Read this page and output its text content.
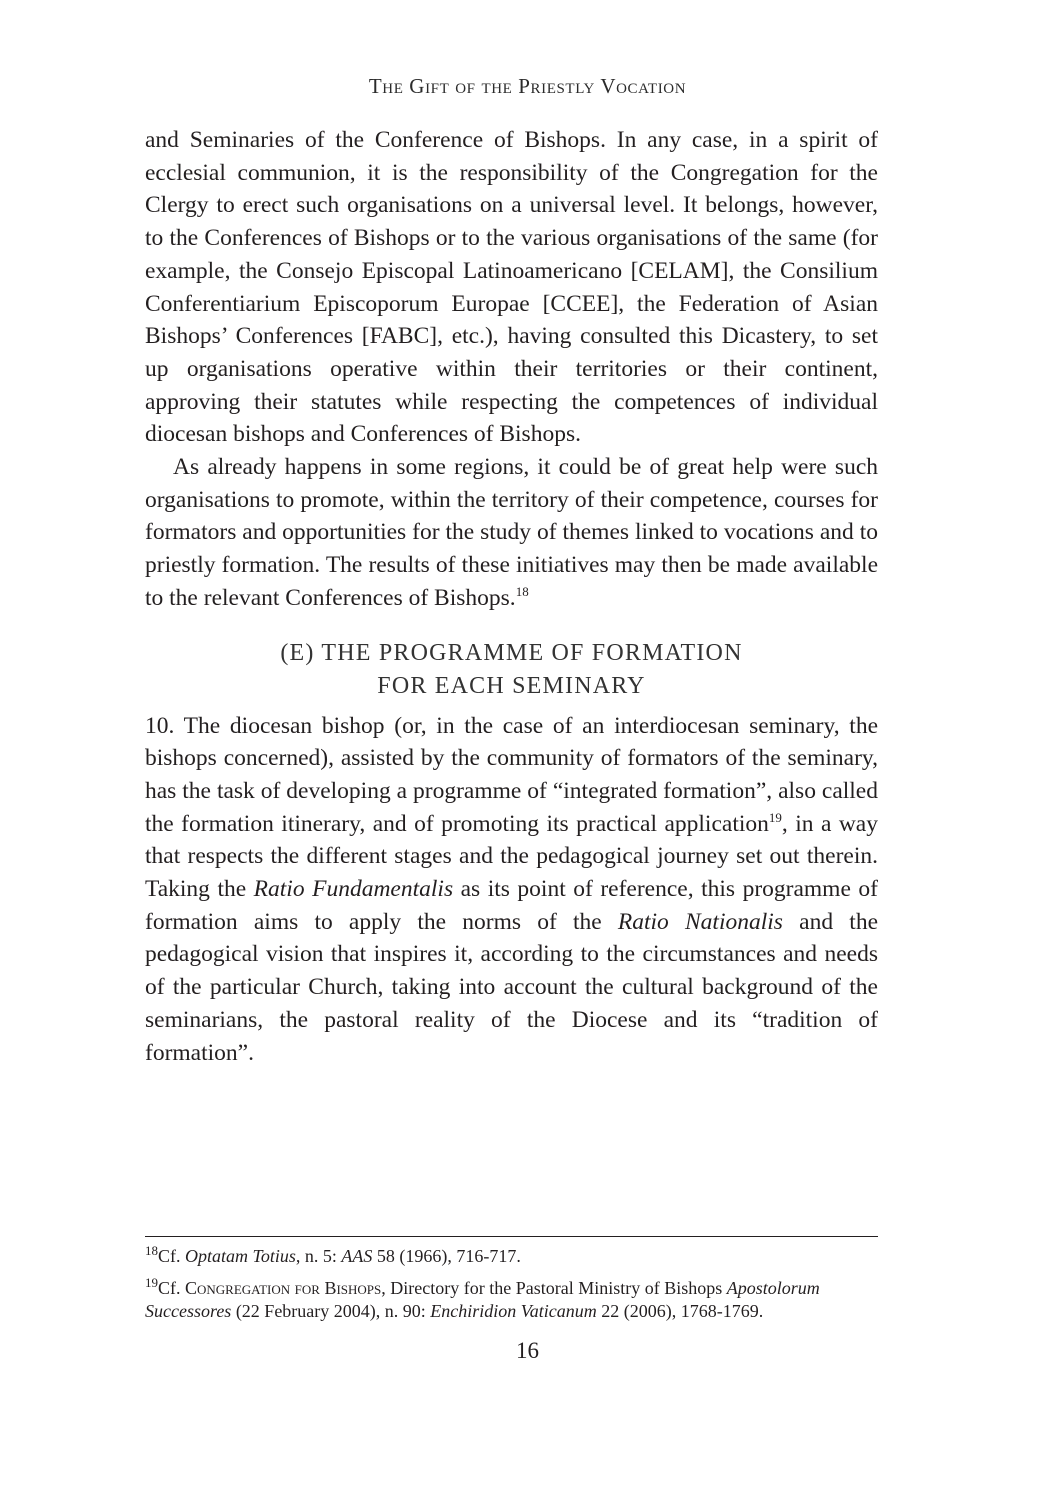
The Gift of the Priestly Vocation

and Seminaries of the Conference of Bishops. In any case, in a spirit of ecclesial communion, it is the responsibility of the Congregation for the Clergy to erect such organisations on a universal level. It belongs, however, to the Conferences of Bishops or to the various organisations of the same (for example, the Consejo Episcopal Latinoamericano [CELAM], the Consilium Conferentiarium Episcoporum Europae [CCEE], the Federation of Asian Bishops’ Conferences [FABC], etc.), having consulted this Dicastery, to set up organisations operative within their territories or their continent, approving their statutes while respecting the competences of individual diocesan bishops and Conferences of Bishops.

As already happens in some regions, it could be of great help were such organisations to promote, within the territory of their competence, courses for formators and opportunities for the study of themes linked to vocations and to priestly formation. The results of these initiatives may then be made available to the relevant Conferences of Bishops.$^{18}$

(E) THE PROGRAMME OF FORMATION
FOR EACH SEMINARY

10. The diocesan bishop (or, in the case of an interdiocesan seminary, the bishops concerned), assisted by the community of formators of the seminary, has the task of developing a programme of “integrated formation”, also called the formation itinerary, and of promoting its practical application$^{19}$, in a way that respects the different stages and the pedagogical journey set out therein. Taking the Ratio Fundamentalis as its point of reference, this programme of formation aims to apply the norms of the Ratio Nationalis and the pedagogical vision that inspires it, according to the circumstances and needs of the particular Church, taking into account the cultural background of the seminarians, the pastoral reality of the Diocese and its “tradition of formation”.

$^{18}$Cf. Optatam Totius, n. 5: AAS 58 (1966), 716-717.

$^{19}$Cf. Congregation for Bishops, Directory for the Pastoral Ministry of Bishops Apostolorum Successores (22 February 2004), n. 90: Enchiridion Vaticanum 22 (2006), 1768-1769.

16
